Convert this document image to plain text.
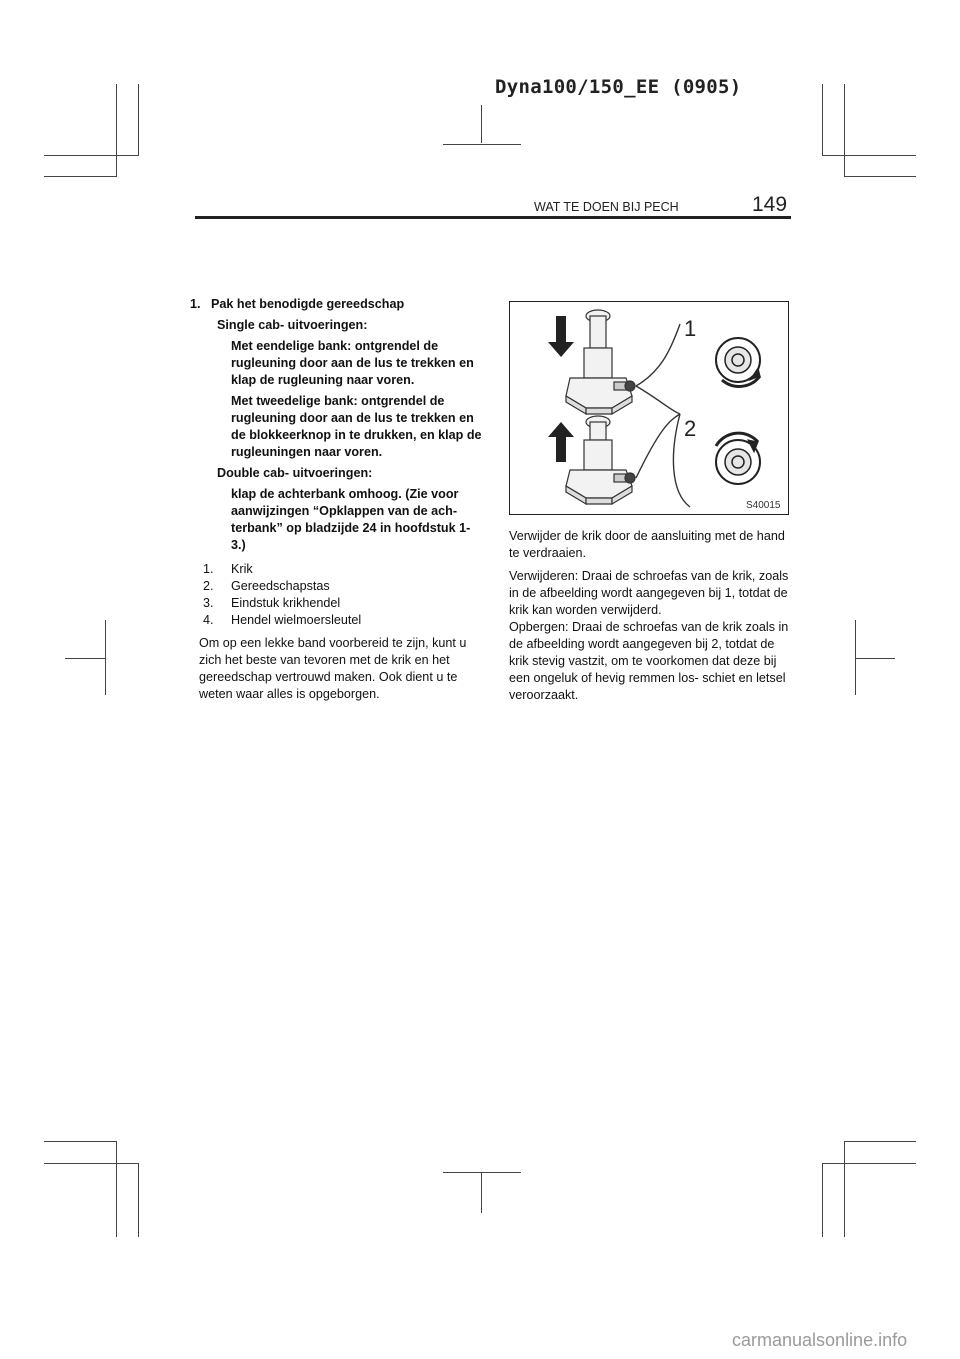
Dyna100/150_EE (0905)
WAT TE DOEN BIJ PECH	149

1.	Pak het benodigde gereedschap

Single cab- uitvoeringen:

Met eendelige bank: ontgrendel de rugleuning door aan de lus te trekken en klap de rugleuning naar voren.

Met tweedelige bank: ontgrendel de rugleuning door aan de lus te trekken en de blokkeerknop in te drukken, en klap de rugleuningen naar voren.

Double cab- uitvoeringen:

klap de achterbank omhoog. (Zie voor aanwijzingen “Opklappen van de ach- terbank” op bladzijde 24 in hoofdstuk 1- 3.)

1.	Krik
2.	Gereedschapstas
3.	Eindstuk krikhendel
4.	Hendel wielmoersleutel

Om op een lekke band voorbereid te zijn, kunt u zich het beste van tevoren met de krik en het gereedschap vertrouwd maken. Ook dient u te weten waar alles is opgeborgen.

1
2
S40015

Verwijder de krik door de aansluiting met de hand te verdraaien.

Verwijderen: Draai de schroefas van de krik, zoals in de afbeelding wordt aangegeven bij 1, totdat de krik kan worden verwijderd.

Opbergen: Draai de schroefas van de krik zoals in de afbeelding wordt aangegeven bij 2, totdat de krik stevig vastzit, om te voorkomen dat deze bij een ongeluk of hevig remmen los- schiet en letsel veroorzaakt.

carmanualsonline.info
